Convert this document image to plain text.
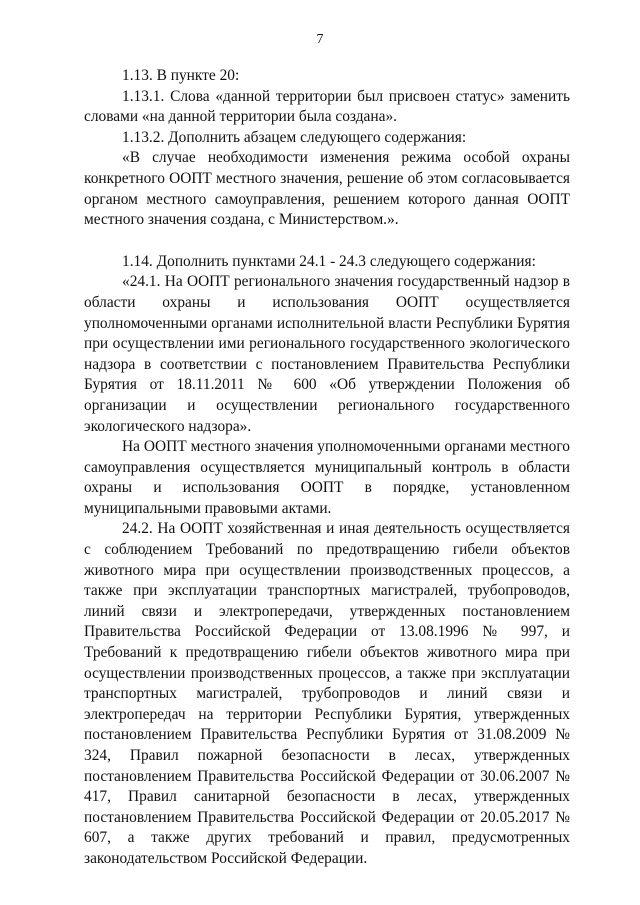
7

1.13. В пункте 20:

1.13.1. Слова «данной территории был присвоен статус» заменить словами «на данной территории была создана».

1.13.2. Дополнить абзацем следующего содержания:

«В случае необходимости изменения режима особой охраны конкретного ООПТ местного значения, решение об этом согласовывается органом местного самоуправления, решением которого данная ООПТ местного значения создана, с Министерством.».

1.14. Дополнить пунктами 24.1 - 24.3 следующего содержания:

«24.1. На ООПТ регионального значения государственный надзор в области охраны и использования ООПТ осуществляется уполномоченными органами исполнительной власти Республики Бурятия при осуществлении ими регионального государственного экологического надзора в соответствии с постановлением Правительства Республики Бурятия от 18.11.2011 № 600 «Об утверждении Положения об организации и осуществлении регионального государственного экологического надзора».

На ООПТ местного значения уполномоченными органами местного самоуправления осуществляется муниципальный контроль в области охраны и использования ООПТ в порядке, установленном муниципальными правовыми актами.

24.2. На ООПТ хозяйственная и иная деятельность осуществляется с соблюдением Требований по предотвращению гибели объектов животного мира при осуществлении производственных процессов, а также при эксплуатации транспортных магистралей, трубопроводов, линий связи и электропередачи, утвержденных постановлением Правительства Российской Федерации от 13.08.1996 № 997, и Требований к предотвращению гибели объектов животного мира при осуществлении производственных процессов, а также при эксплуатации транспортных магистралей, трубопроводов и линий связи и электропередач на территории Республики Бурятия, утвержденных постановлением Правительства Республики Бурятия от 31.08.2009 № 324, Правил пожарной безопасности в лесах, утвержденных постановлением Правительства Российской Федерации от 30.06.2007 № 417, Правил санитарной безопасности в лесах, утвержденных постановлением Правительства Российской Федерации от 20.05.2017 № 607, а также других требований и правил, предусмотренных законодательством Российской Федерации.
